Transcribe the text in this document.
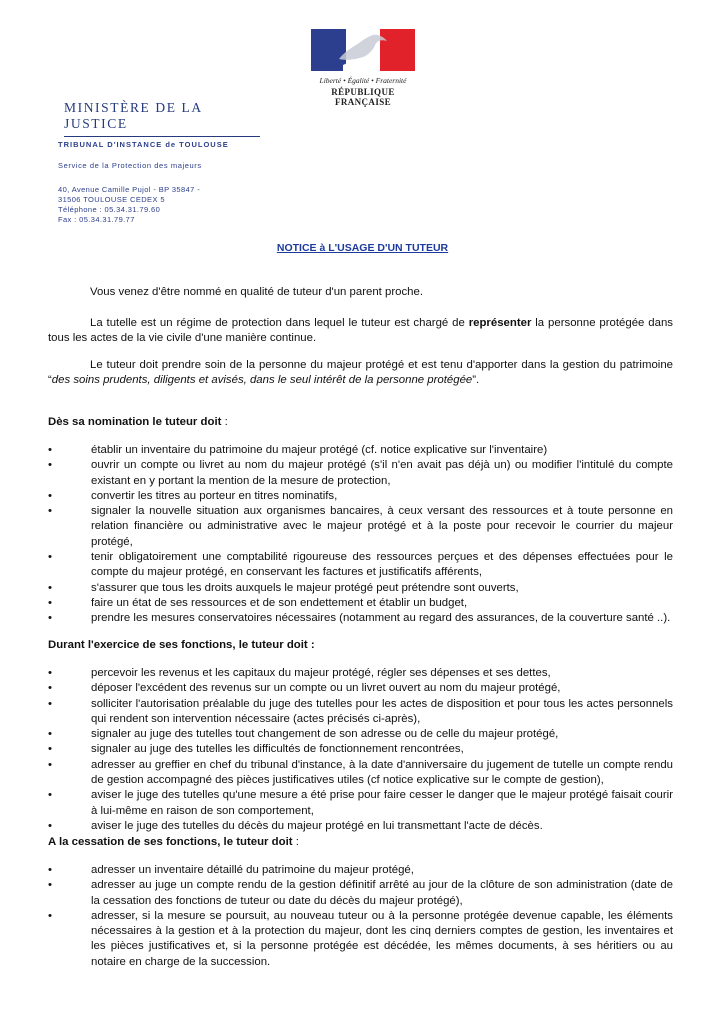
Liberté • Égalité • Fraternité
RÉPUBLIQUE FRANÇAISE
MINISTÈRE DE LA JUSTICE
TRIBUNAL D'INSTANCE de TOULOUSE
Service de la Protection des majeurs
40, Avenue Camille Pujol - BP 35847 -
31506 TOULOUSE CEDEX 5
Téléphone : 05.34.31.79.60
Fax : 05.34.31.79.77
NOTICE à L'USAGE D'UN TUTEUR
Vous venez d'être nommé en qualité de tuteur d'un parent proche.
La tutelle est un régime de protection dans lequel le tuteur est chargé de représenter la personne protégée dans tous les actes de la vie civile d'une manière continue.
Le tuteur doit prendre soin de la personne du majeur protégé et est tenu d'apporter dans la gestion du patrimoine “des soins prudents, diligents et avisés, dans le seul intérêt de la personne protégée”.
Dès sa nomination le tuteur doit :
•	établir un inventaire du patrimoine du majeur protégé (cf. notice explicative sur l'inventaire)
•	ouvrir un compte ou livret au nom du majeur protégé (s'il n'en avait pas déjà un) ou modifier l'intitulé du compte existant en y portant la mention de la mesure de protection,
•	convertir les titres au porteur en titres nominatifs,
•	signaler la nouvelle situation aux organismes bancaires, à ceux versant des ressources et à toute personne en relation financière ou administrative avec le majeur protégé et à la poste pour recevoir le courrier du majeur protégé,
•	tenir obligatoirement une comptabilité rigoureuse des ressources perçues et des dépenses effectuées pour le compte du majeur protégé, en conservant les factures et justificatifs afférents,
•	s'assurer que tous les droits auxquels le majeur protégé peut prétendre sont ouverts,
•	faire un état de ses ressources et de son endettement et établir un budget,
•	prendre les mesures conservatoires nécessaires (notamment au regard des assurances, de la couverture santé ..).
Durant l'exercice de ses fonctions, le tuteur doit :
•	percevoir les revenus et les capitaux du majeur protégé, régler ses dépenses et ses dettes,
•	déposer l'excédent des revenus sur un compte ou un livret ouvert au nom du majeur protégé,
•	solliciter l'autorisation préalable du juge des tutelles pour les actes de disposition et pour tous les actes personnels qui rendent son intervention nécessaire (actes précisés ci-après),
•	signaler au juge des tutelles tout changement de son adresse ou de celle du majeur protégé,
•	signaler au juge des tutelles les difficultés de fonctionnement rencontrées,
•	adresser au greffier en chef du tribunal d'instance, à la date d'anniversaire du jugement de tutelle un compte rendu de gestion accompagné des pièces justificatives utiles (cf notice explicative sur le compte de gestion),
•	aviser le juge des tutelles qu'une mesure a été prise pour faire cesser le danger que le majeur protégé faisait courir à lui-même en raison de son comportement,
•	aviser le juge des tutelles du décès du majeur protégé en lui transmettant l'acte de décès.
A la cessation de ses fonctions, le tuteur doit :
•	adresser un inventaire détaillé du patrimoine du majeur protégé,
•	adresser au juge un compte rendu de la gestion définitif arrêté au jour de la clôture de son administration (date de la cessation des fonctions de tuteur ou date du décès du majeur protégé),
•	adresser, si la mesure se poursuit, au nouveau tuteur ou à la personne protégée devenue capable, les éléments nécessaires à la gestion et à la protection du majeur, dont les cinq derniers comptes de gestion, les inventaires et les pièces justificatives et, si la personne protégée est décédée, les mêmes documents, à ses héritiers ou au notaire en charge de la succession.
